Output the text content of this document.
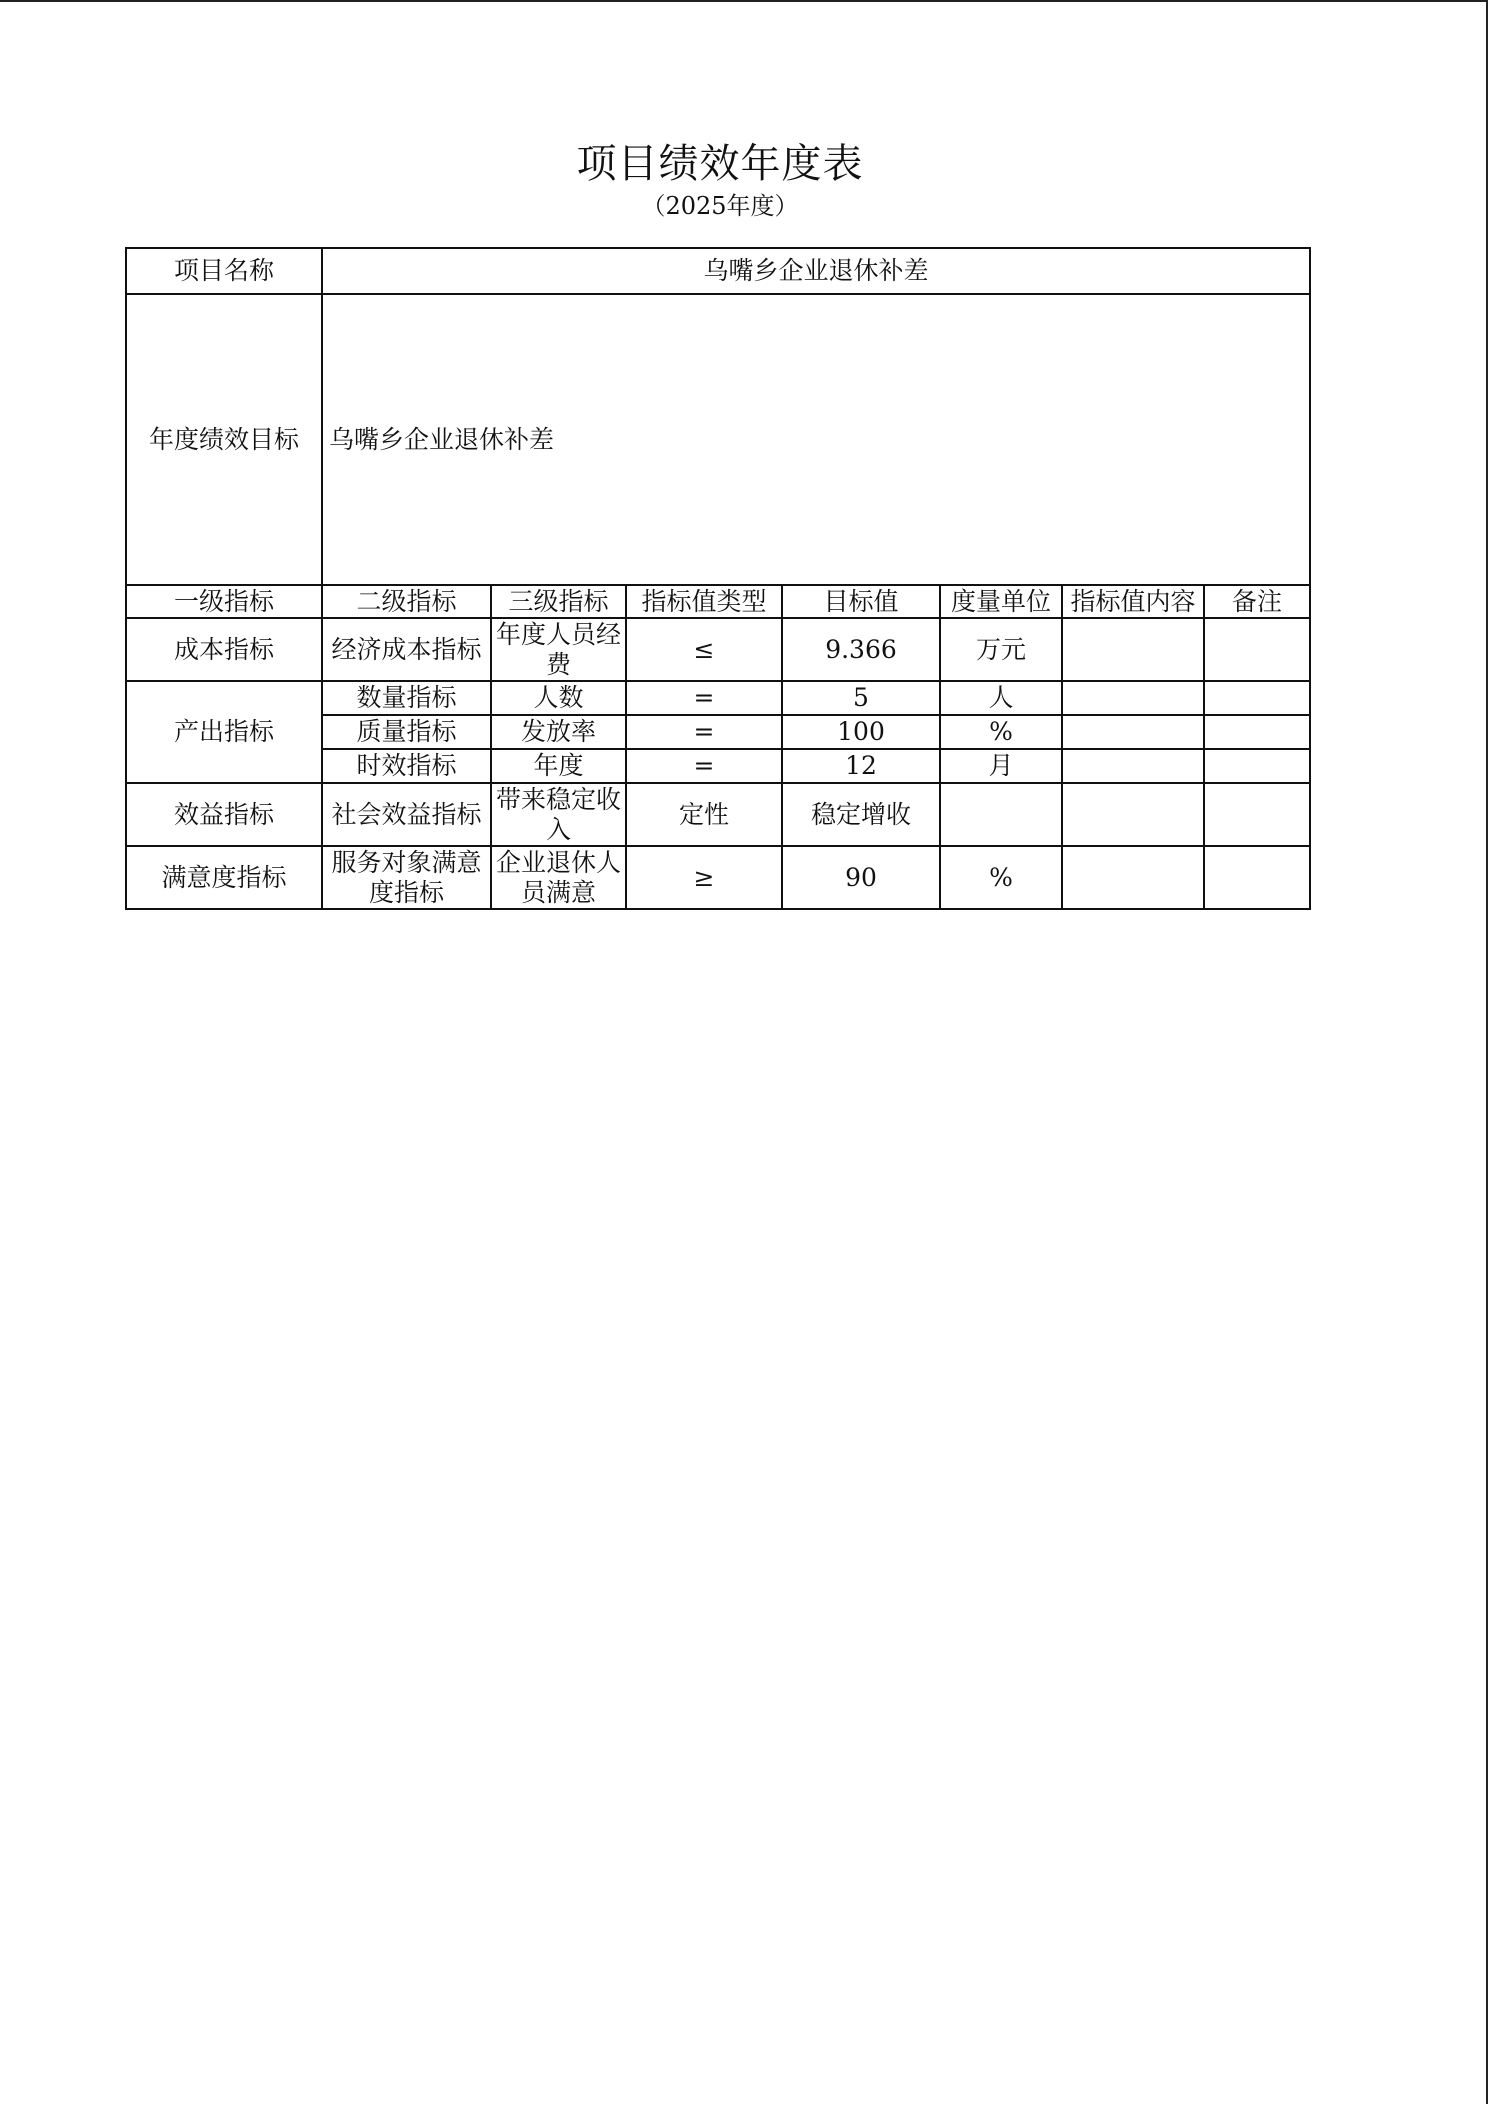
项目绩效年度表
（2025年度）
项目名称	乌嘴乡企业退休补差						
年度绩效目标	乌嘴乡企业退休补差						
一级指标	二级指标	三级指标	指标值类型	目标值	度量单位	指标值内容	备注
成本指标	经济成本指标	年度人员经费	≤	9.366	万元		
产出指标	数量指标	人数	=	5	人		
	质量指标	发放率	=	100	%		
	时效指标	年度	=	12	月		
效益指标	社会效益指标	带来稳定收入	定性	稳定增收			
满意度指标	服务对象满意度指标	企业退休人员满意	≥	90	%		
